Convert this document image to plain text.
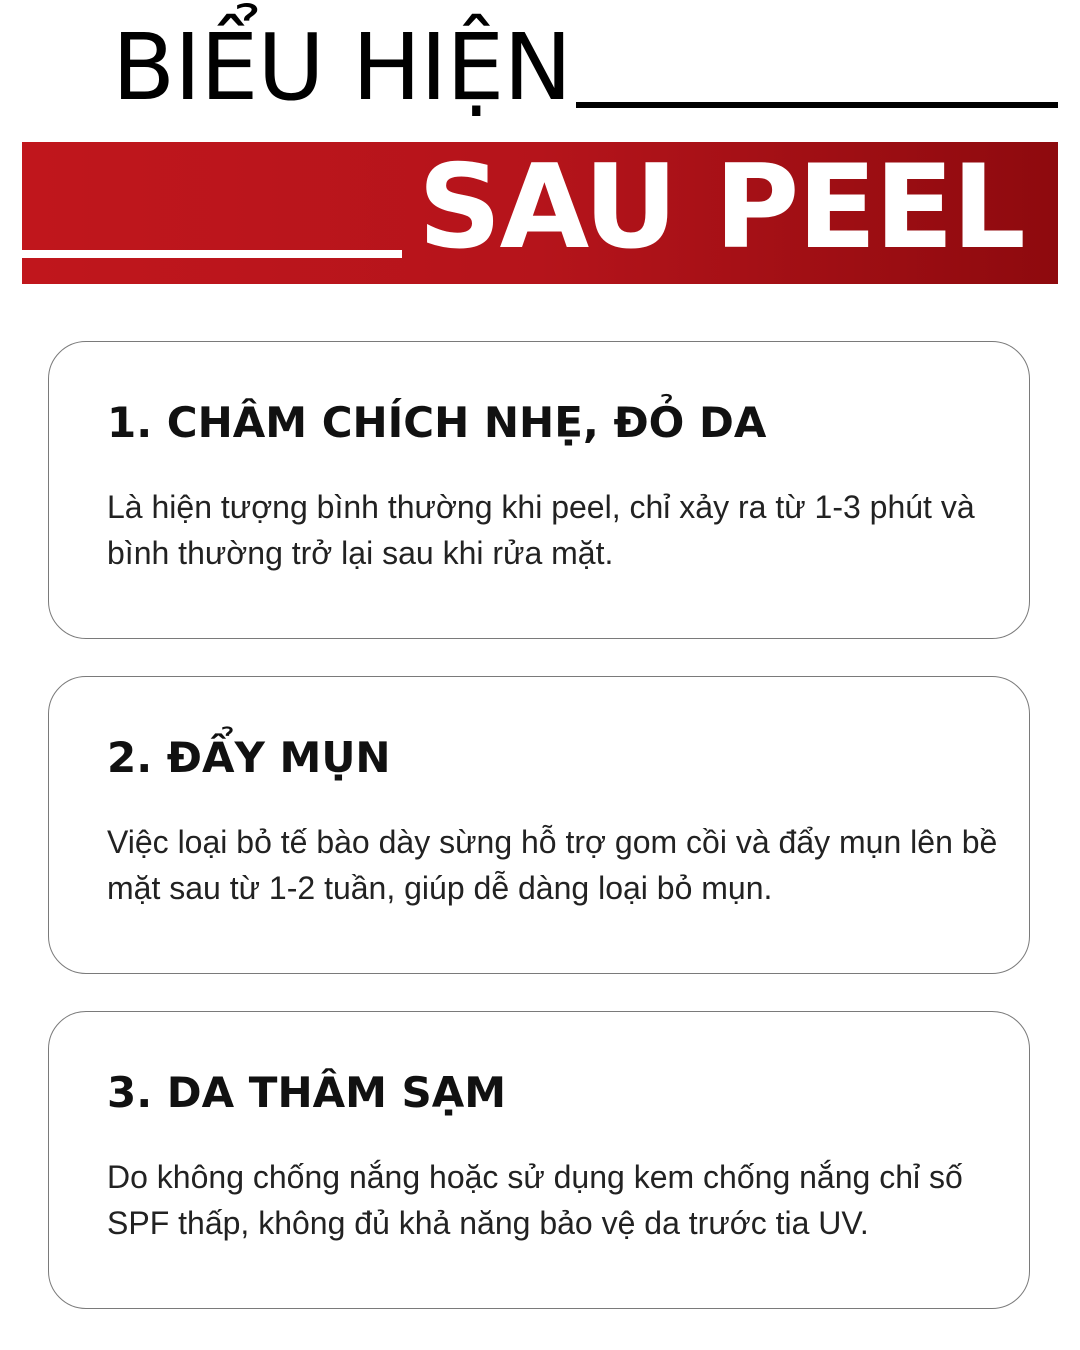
BIỂU HIỆN
SAU PEEL
1. CHÂM CHÍCH NHẸ, ĐỎ DA
Là hiện tượng bình thường khi peel, chỉ xảy ra từ 1-3 phút và bình thường trở lại sau khi rửa mặt.
2. ĐẨY MỤN
Việc loại bỏ tế bào dày sừng hỗ trợ gom cồi và đẩy mụn lên bề mặt sau từ 1-2 tuần, giúp dễ dàng loại bỏ mụn.
3. DA THÂM SẠM
Do không chống nắng hoặc sử dụng kem chống nắng chỉ số SPF thấp, không đủ khả năng bảo vệ da trước tia UV.
